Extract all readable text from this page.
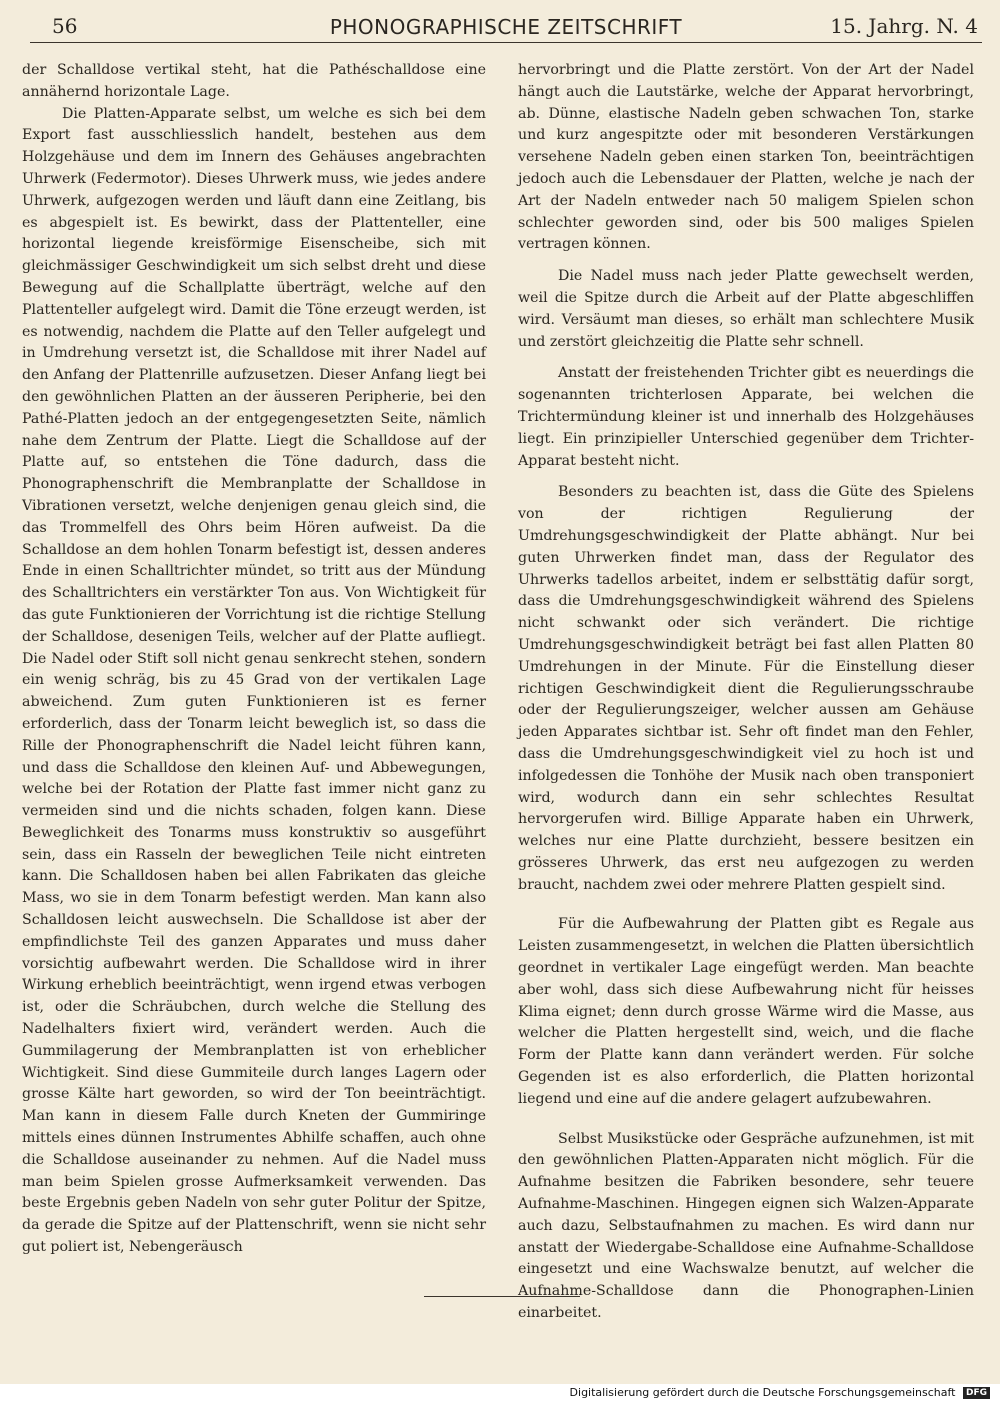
56	PHONOGRAPHISCHE ZEITSCHRIFT	15. Jahrg. N. 4

der Schalldose vertikal steht, hat die Pathéschalldose eine annähernd horizontale Lage.

Die Platten-Apparate selbst, um welche es sich bei dem Export fast ausschliesslich handelt, bestehen aus dem Holzgehäuse und dem im Innern des Gehäuses angebrachten Uhrwerk (Federmotor). Dieses Uhrwerk muss, wie jedes andere Uhrwerk, aufgezogen werden und läuft dann eine Zeitlang, bis es abgespielt ist. Es bewirkt, dass der Plattenteller, eine horizontal liegende kreisförmige Eisenscheibe, sich mit gleichmässiger Geschwindigkeit um sich selbst dreht und diese Bewegung auf die Schallplatte überträgt, welche auf den Plattenteller aufgelegt wird. Damit die Töne erzeugt werden, ist es notwendig, nachdem die Platte auf den Teller aufgelegt und in Umdrehung versetzt ist, die Schalldose mit ihrer Nadel auf den Anfang der Plattenrille aufzusetzen. Dieser Anfang liegt bei den gewöhnlichen Platten an der äusseren Peripherie, bei den Pathé-Platten jedoch an der entgegengesetzten Seite, nämlich nahe dem Zentrum der Platte. Liegt die Schalldose auf der Platte auf, so entstehen die Töne dadurch, dass die Phonographenschrift die Membranplatte der Schalldose in Vibrationen versetzt, welche denjenigen genau gleich sind, die das Trommelfell des Ohrs beim Hören aufweist. Da die Schalldose an dem hohlen Tonarm befestigt ist, dessen anderes Ende in einen Schalltrichter mündet, so tritt aus der Mündung des Schalltrichters ein verstärkter Ton aus. Von Wichtigkeit für das gute Funktionieren der Vorrichtung ist die richtige Stellung der Schalldose, desenigen Teils, welcher auf der Platte aufliegt. Die Nadel oder Stift soll nicht genau senkrecht stehen, sondern ein wenig schräg, bis zu 45 Grad von der vertikalen Lage abweichend. Zum guten Funktionieren ist es ferner erforderlich, dass der Tonarm leicht beweglich ist, so dass die Rille der Phonographenschrift die Nadel leicht führen kann, und dass die Schalldose den kleinen Auf- und Abbewegungen, welche bei der Rotation der Platte fast immer nicht ganz zu vermeiden sind und die nichts schaden, folgen kann. Diese Beweglichkeit des Tonarms muss konstruktiv so ausgeführt sein, dass ein Rasseln der beweglichen Teile nicht eintreten kann. Die Schalldosen haben bei allen Fabrikaten das gleiche Mass, wo sie in dem Tonarm befestigt werden. Man kann also Schalldosen leicht auswechseln. Die Schalldose ist aber der empfindlichste Teil des ganzen Apparates und muss daher vorsichtig aufbewahrt werden. Die Schalldose wird in ihrer Wirkung erheblich beeinträchtigt, wenn irgend etwas verbogen ist, oder die Schräubchen, durch welche die Stellung des Nadelhalters fixiert wird, verändert werden. Auch die Gummilagerung der Membranplatten ist von erheblicher Wichtigkeit. Sind diese Gummiteile durch langes Lagern oder grosse Kälte hart geworden, so wird der Ton beeinträchtigt. Man kann in diesem Falle durch Kneten der Gummiringe mittels eines dünnen Instrumentes Abhilfe schaffen, auch ohne die Schalldose auseinander zu nehmen. Auf die Nadel muss man beim Spielen grosse Aufmerksamkeit verwenden. Das beste Ergebnis geben Nadeln von sehr guter Politur der Spitze, da gerade die Spitze auf der Plattenschrift, wenn sie nicht sehr gut poliert ist, Nebengeräusch

hervorbringt und die Platte zerstört. Von der Art der Nadel hängt auch die Lautstärke, welche der Apparat hervorbringt, ab. Dünne, elastische Nadeln geben schwachen Ton, starke und kurz angespitzte oder mit besonderen Verstärkungen versehene Nadeln geben einen starken Ton, beeinträchtigen jedoch auch die Lebensdauer der Platten, welche je nach der Art der Nadeln entweder nach 50 maligem Spielen schon schlechter geworden sind, oder bis 500 maliges Spielen vertragen können.

Die Nadel muss nach jeder Platte gewechselt werden, weil die Spitze durch die Arbeit auf der Platte abgeschliffen wird. Versäumt man dieses, so erhält man schlechtere Musik und zerstört gleichzeitig die Platte sehr schnell.

Anstatt der freistehenden Trichter gibt es neuerdings die sogenannten trichterlosen Apparate, bei welchen die Trichtermündung kleiner ist und innerhalb des Holzgehäuses liegt. Ein prinzipieller Unterschied gegenüber dem Trichter-Apparat besteht nicht.

Besonders zu beachten ist, dass die Güte des Spielens von der richtigen Regulierung der Umdrehungsgeschwindigkeit der Platte abhängt. Nur bei guten Uhrwerken findet man, dass der Regulator des Uhrwerks tadellos arbeitet, indem er selbsttätig dafür sorgt, dass die Umdrehungsgeschwindigkeit während des Spielens nicht schwankt oder sich verändert. Die richtige Umdrehungsgeschwindigkeit beträgt bei fast allen Platten 80 Umdrehungen in der Minute. Für die Einstellung dieser richtigen Geschwindigkeit dient die Regulierungsschraube oder der Regulierungszeiger, welcher aussen am Gehäuse jeden Apparates sichtbar ist. Sehr oft findet man den Fehler, dass die Umdrehungsgeschwindigkeit viel zu hoch ist und infolgedessen die Tonhöhe der Musik nach oben transponiert wird, wodurch dann ein sehr schlechtes Resultat hervorgerufen wird. Billige Apparate haben ein Uhrwerk, welches nur eine Platte durchzieht, bessere besitzen ein grösseres Uhrwerk, das erst neu aufgezogen zu werden braucht, nachdem zwei oder mehrere Platten gespielt sind.

Für die Aufbewahrung der Platten gibt es Regale aus Leisten zusammengesetzt, in welchen die Platten übersichtlich geordnet in vertikaler Lage eingefügt werden. Man beachte aber wohl, dass sich diese Aufbewahrung nicht für heisses Klima eignet; denn durch grosse Wärme wird die Masse, aus welcher die Platten hergestellt sind, weich, und die flache Form der Platte kann dann verändert werden. Für solche Gegenden ist es also erforderlich, die Platten horizontal liegend und eine auf die andere gelagert aufzubewahren.

Selbst Musikstücke oder Gespräche aufzunehmen, ist mit den gewöhnlichen Platten-Apparaten nicht möglich. Für die Aufnahme besitzen die Fabriken besondere, sehr teuere Aufnahme-Maschinen. Hingegen eignen sich Walzen-Apparate auch dazu, Selbstaufnahmen zu machen. Es wird dann nur anstatt der Wiedergabe-Schalldose eine Aufnahme-Schalldose eingesetzt und eine Wachswalze benutzt, auf welcher die Aufnahme-Schalldose dann die Phonographen-Linien einarbeitet.

Digitalisierung gefördert durch die Deutsche Forschungsgemeinschaft DFG
